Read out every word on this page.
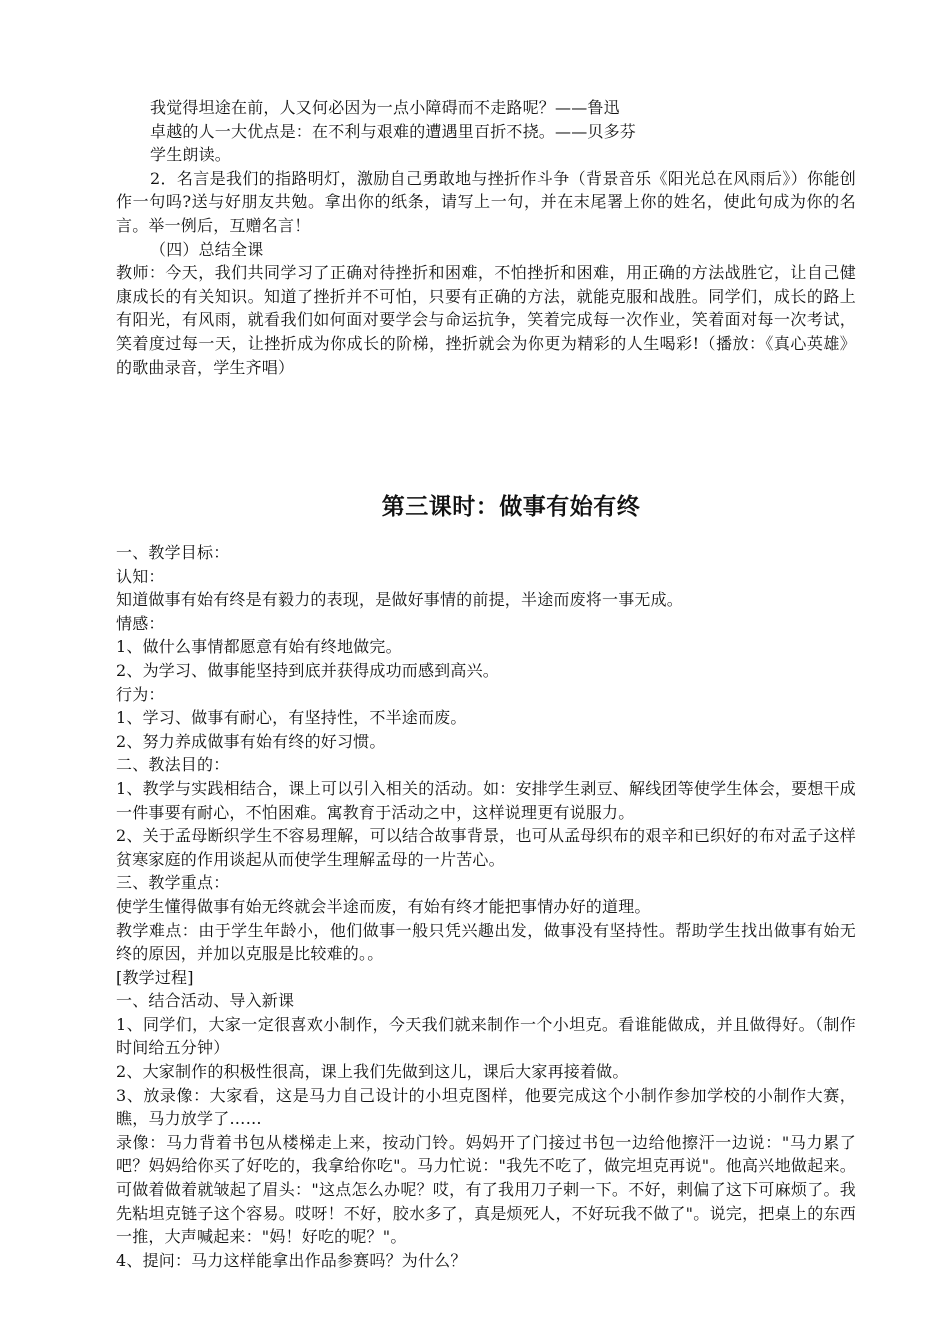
我觉得坦途在前，人又何必因为一点小障碍而不走路呢？——鲁迅

卓越的人一大优点是：在不利与艰难的遭遇里百折不挠。——贝多芬

学生朗读。

2．名言是我们的指路明灯，激励自己勇敢地与挫折作斗争（背景音乐《阳光总在风雨后》）你能创作一句吗?送与好朋友共勉。拿出你的纸条，请写上一句，并在末尾署上你的姓名，使此句成为你的名言。举一例后，互赠名言！

（四）总结全课

教师：今天，我们共同学习了正确对待挫折和困难，不怕挫折和困难，用正确的方法战胜它，让自己健康成长的有关知识。知道了挫折并不可怕，只要有正确的方法，就能克服和战胜。同学们，成长的路上有阳光，有风雨，就看我们如何面对要学会与命运抗争，笑着完成每一次作业，笑着面对每一次考试，笑着度过每一天，让挫折成为你成长的阶梯，挫折就会为你更为精彩的人生喝彩!（播放：《真心英雄》的歌曲录音，学生齐唱）

第三课时：做事有始有终

一、教学目标：

认知：

知道做事有始有终是有毅力的表现，是做好事情的前提，半途而废将一事无成。

情感：

1、做什么事情都愿意有始有终地做完。

2、为学习、做事能坚持到底并获得成功而感到高兴。

行为：

1、学习、做事有耐心，有坚持性，不半途而废。

2、努力养成做事有始有终的好习惯。

二、教法目的：

1、教学与实践相结合，课上可以引入相关的活动。如：安排学生剥豆、解线团等使学生体会，要想干成一件事要有耐心，不怕困难。寓教育于活动之中，这样说理更有说服力。

2、关于孟母断织学生不容易理解，可以结合故事背景，也可从孟母织布的艰辛和已织好的布对孟子这样贫寒家庭的作用谈起从而使学生理解孟母的一片苦心。

三、教学重点：

使学生懂得做事有始无终就会半途而废，有始有终才能把事情办好的道理。

教学难点：由于学生年龄小，他们做事一般只凭兴趣出发，做事没有坚持性。帮助学生找出做事有始无终的原因，并加以克服是比较难的。。

[教学过程]

一、结合活动、导入新课

1、同学们，大家一定很喜欢小制作，今天我们就来制作一个小坦克。看谁能做成，并且做得好。（制作时间给五分钟）

2、大家制作的积极性很高，课上我们先做到这儿，课后大家再接着做。

3、放录像：大家看，这是马力自己设计的小坦克图样，他要完成这个小制作参加学校的小制作大赛，瞧，马力放学了……

录像：马力背着书包从楼梯走上来，按动门铃。妈妈开了门接过书包一边给他擦汗一边说："马力累了吧？妈妈给你买了好吃的，我拿给你吃"。马力忙说："我先不吃了，做完坦克再说"。他高兴地做起来。可做着做着就皱起了眉头："这点怎么办呢？哎，有了我用刀子剌一下。不好，剌偏了这下可麻烦了。我先粘坦克链子这个容易。哎呀！不好，胶水多了，真是烦死人，不好玩我不做了"。说完，把桌上的东西一推，大声喊起来："妈！好吃的呢？"。

4、提问：马力这样能拿出作品参赛吗？为什么？
